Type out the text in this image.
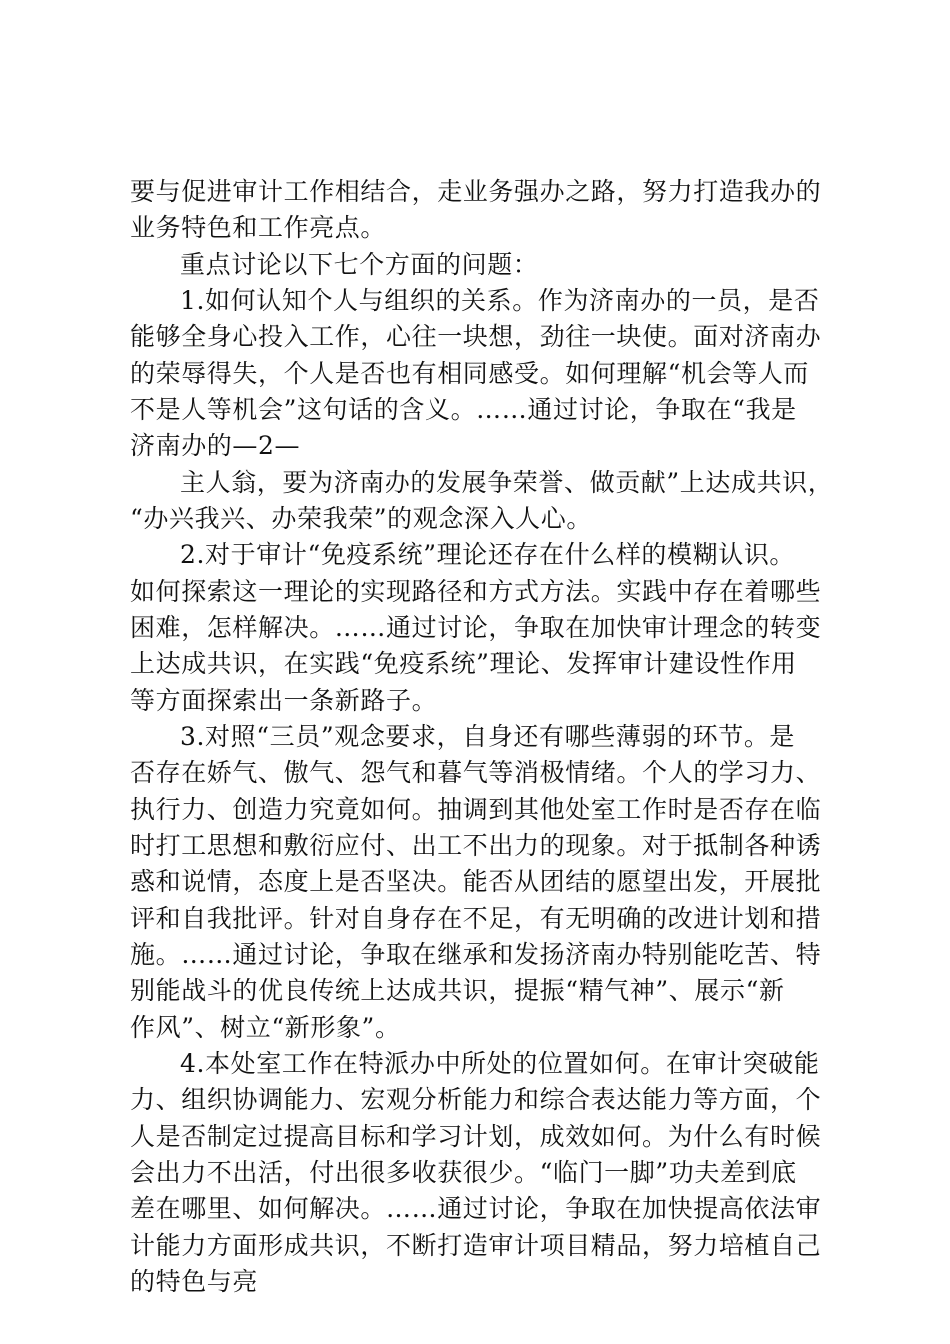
要与促进审计工作相结合，走业务强办之路，努力打造我办的
业务特色和工作亮点。
重点讨论以下七个方面的问题：
1.如何认知个人与组织的关系。作为济南办的一员，是否
能够全身心投入工作，心往一块想，劲往一块使。面对济南办
的荣辱得失，个人是否也有相同感受。如何理解“机会等人而
不是人等机会”这句话的含义。……通过讨论，争取在“我是
济南办的—2—
主人翁，要为济南办的发展争荣誉、做贡献”上达成共识，
“办兴我兴、办荣我荣”的观念深入人心。
2.对于审计“免疫系统”理论还存在什么样的模糊认识。
如何探索这一理论的实现路径和方式方法。实践中存在着哪些
困难，怎样解决。……通过讨论，争取在加快审计理念的转变
上达成共识，在实践“免疫系统”理论、发挥审计建设性作用
等方面探索出一条新路子。
3.对照“三员”观念要求，自身还有哪些薄弱的环节。是
否存在娇气、傲气、怨气和暮气等消极情绪。个人的学习力、
执行力、创造力究竟如何。抽调到其他处室工作时是否存在临
时打工思想和敷衍应付、出工不出力的现象。对于抵制各种诱
惑和说情，态度上是否坚决。能否从团结的愿望出发，开展批
评和自我批评。针对自身存在不足，有无明确的改进计划和措
施。……通过讨论，争取在继承和发扬济南办特别能吃苦、特
别能战斗的优良传统上达成共识，提振“精气神”、展示“新
作风”、树立“新形象”。
4.本处室工作在特派办中所处的位置如何。在审计突破能
力、组织协调能力、宏观分析能力和综合表达能力等方面，个
人是否制定过提高目标和学习计划，成效如何。为什么有时候
会出力不出活，付出很多收获很少。“临门一脚”功夫差到底
差在哪里、如何解决。……通过讨论，争取在加快提高依法审
计能力方面形成共识，不断打造审计项目精品，努力培植自己
的特色与亮
